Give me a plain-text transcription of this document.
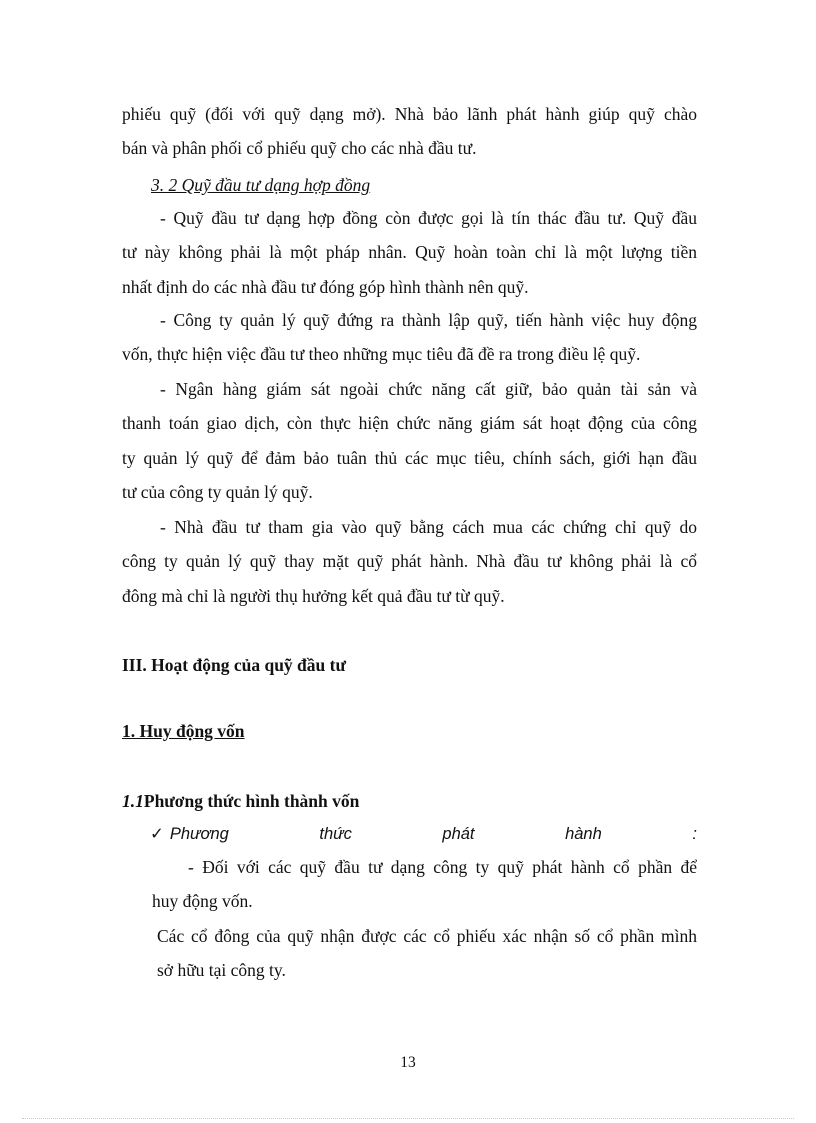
phiếu quỹ (đối với quỹ dạng mở). Nhà bảo lãnh phát hành giúp quỹ chào
bán và phân phối cổ phiếu quỹ cho các nhà đầu tư.
3. 2 Quỹ đầu tư dạng hợp đồng
- Quỹ đầu tư dạng hợp đồng còn được gọi là tín thác đầu tư. Quỹ đầu
tư này không phải là một pháp nhân. Quỹ hoàn toàn chỉ là một lượng tiền
nhất định do các nhà đầu tư đóng góp hình thành nên quỹ.
- Công ty quản lý quỹ đứng ra thành lập quỹ, tiến hành việc huy động
vốn, thực hiện việc đầu tư theo những mục tiêu đã đề ra trong điều lệ quỹ.
- Ngân hàng giám sát ngoài chức năng cất giữ, bảo quản tài sản và
thanh toán giao dịch, còn thực hiện chức năng giám sát hoạt động của công
ty quản lý quỹ để đảm bảo tuân thủ các mục tiêu, chính sách, giới hạn đầu
tư của công ty quản lý quỹ.
- Nhà đầu tư tham gia vào quỹ bằng cách mua các chứng chỉ quỹ do
công ty quản lý quỹ thay mặt quỹ phát hành. Nhà đầu tư không phải là cổ
đông mà chỉ là người thụ hưởng kết quả đầu tư từ quỹ.
III. Hoạt động của quỹ đầu tư
1. Huy động vốn
1.1Phương thức hình thành vốn
✓ Phương	thức	phát	hành	:
- Đối với các quỹ đầu tư dạng công ty quỹ phát hành cổ phần để
huy động vốn.
Các cổ đông của quỹ nhận được các cổ phiếu xác nhận số cổ phần mình
sở hữu tại công ty.
13
